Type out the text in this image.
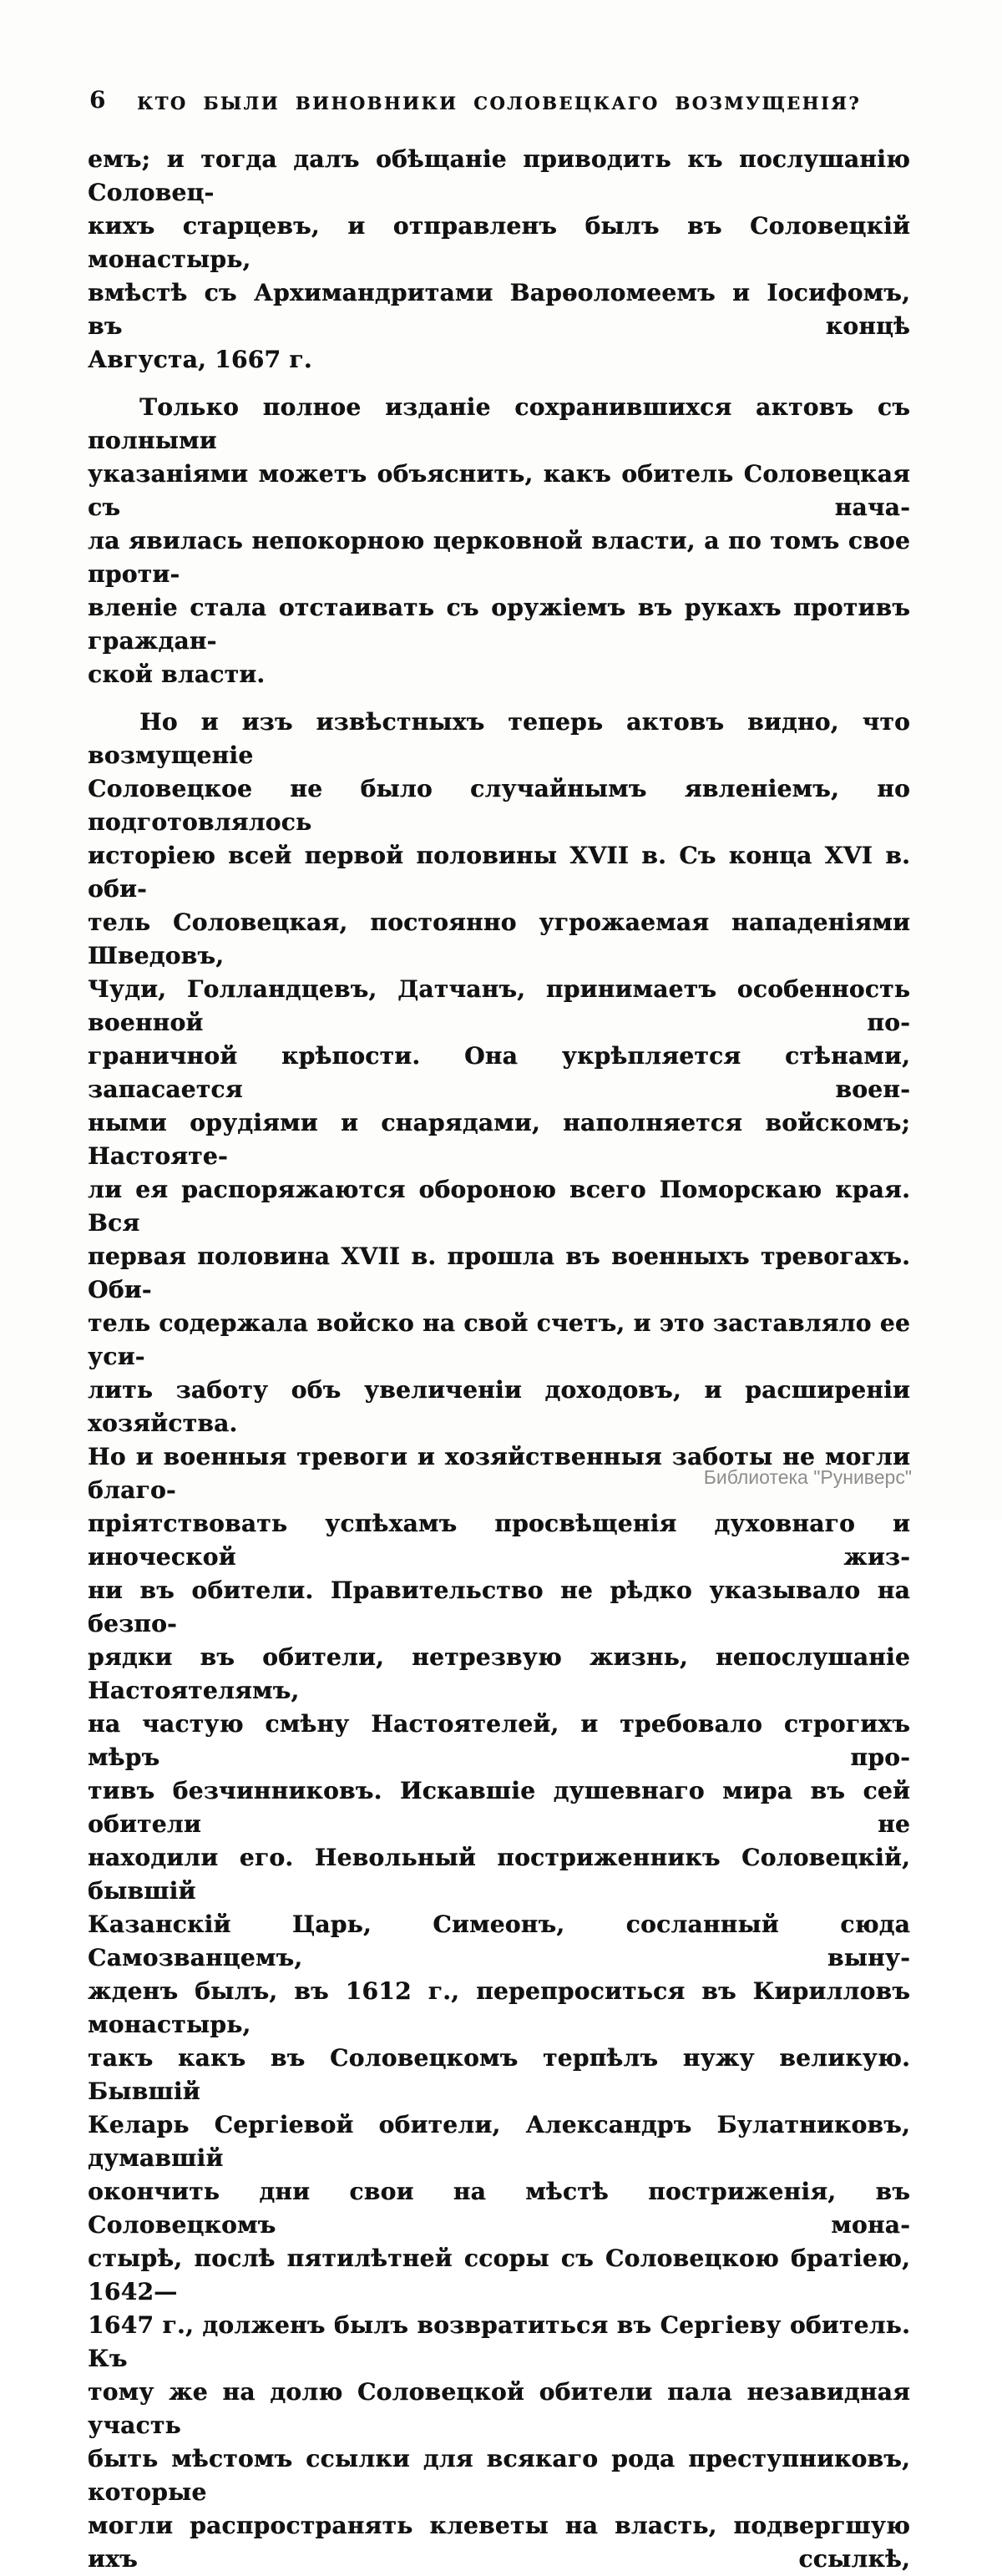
6	КТО БЫЛИ ВИНОВНИКИ СОЛОВЕЦКАГО ВОЗМУЩЕНІЯ?
емъ; и тогда далъ обѣщаніе приводить къ послушанію Соловец-
кихъ старцевъ, и отправленъ былъ въ Соловецкій монастырь,
вмѣстѣ съ Архимандритами Варѳоломеемъ и Іосифомъ, въ концѣ
Августа, 1667 г.
Только полное изданіе сохранившихся актовъ съ полными
указаніями можетъ объяснить, какъ обитель Соловецкая съ нача-
ла явилась непокорною церковной власти, а по томъ свое проти-
вленіе стала отстаивать съ оружіемъ въ рукахъ противъ граждан-
ской власти.
Но и изъ извѣстныхъ теперь актовъ видно, что возмущеніе
Соловецкое не было случайнымъ явленіемъ, но подготовлялось
исторіею всей первой половины XVII в. Съ конца XVI в. оби-
тель Соловецкая, постоянно угрожаемая нападеніями Шведовъ,
Чуди, Голландцевъ, Датчанъ, принимаетъ особенность военной по-
граничной крѣпости. Она укрѣпляется стѣнами, запасается воен-
ными орудіями и снарядами, наполняется войскомъ; Настояте-
ли ея распоряжаются обороною всего Поморскаю края. Вся
первая половина XVII в. прошла въ военныхъ тревогахъ. Оби-
тель содержала войско на свой счетъ, и это заставляло ее уси-
лить заботу объ увеличеніи доходовъ, и расширеніи хозяйства.
Но и военныя тревоги и хозяйственныя заботы не могли благо-
пріятствовать успѣхамъ просвѣщенія духовнаго и иноческой жиз-
ни въ обители. Правительство не рѣдко указывало на безпо-
рядки въ обители, нетрезвую жизнь, непослушаніе Настоятелямъ,
на частую смѣну Настоятелей, и требовало строгихъ мѣръ про-
тивъ безчинниковъ. Искавшіе душевнаго мира въ сей обители не
находили его. Невольный постриженникъ Соловецкій, бывшій
Казанскій Царь, Симеонъ, сосланный сюда Самозванцемъ, выну-
жденъ былъ, въ 1612 г., перепроситься въ Кирилловъ монастырь,
такъ какъ въ Соловецкомъ терпѣлъ нужу великую. Бывшій
Келарь Сергіевой обители, Александръ Булатниковъ, думавшій
окончить дни свои на мѣстѣ постриженія, въ Соловецкомъ мона-
стырѣ, послѣ пятилѣтней ссоры съ Соловецкою братіею, 1642—
1647 г., долженъ былъ возвратиться въ Сергіеву обитель. Къ
тому же на долю Соловецкой обители пала незавидная участь
быть мѣстомъ ссылки для всякаго рода преступниковъ, которые
могли распространять клеветы на власть, подвергшую ихъ ссылкѣ,
Библиотека "Руниверс"
